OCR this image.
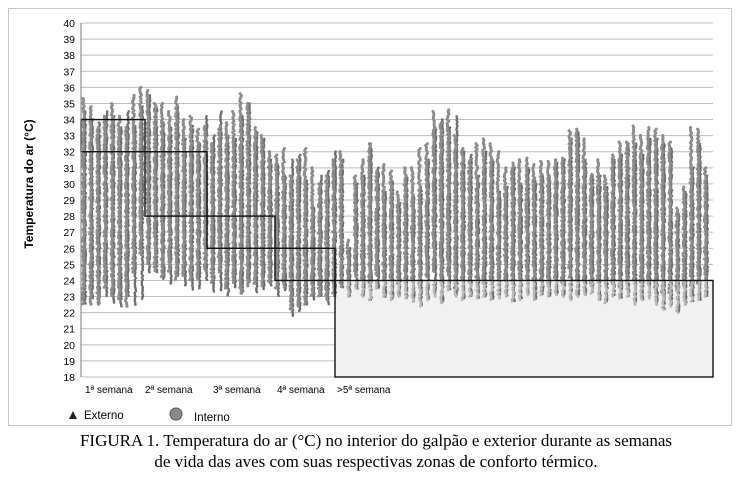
18
19
20
21
22
23
24
25
26
27
28
29
30
31
32
33
34
35
36
37
38
39
40
1ª semana 2ª semana 3ª semana 4ª semana >5ª semana
Temperatura do ar (°C)
Externo	Interno
FIGURA 1. Temperatura do ar (°C) no interior do galpão e exterior durante as semanas
de vida das aves com suas respectivas zonas de conforto térmico.
